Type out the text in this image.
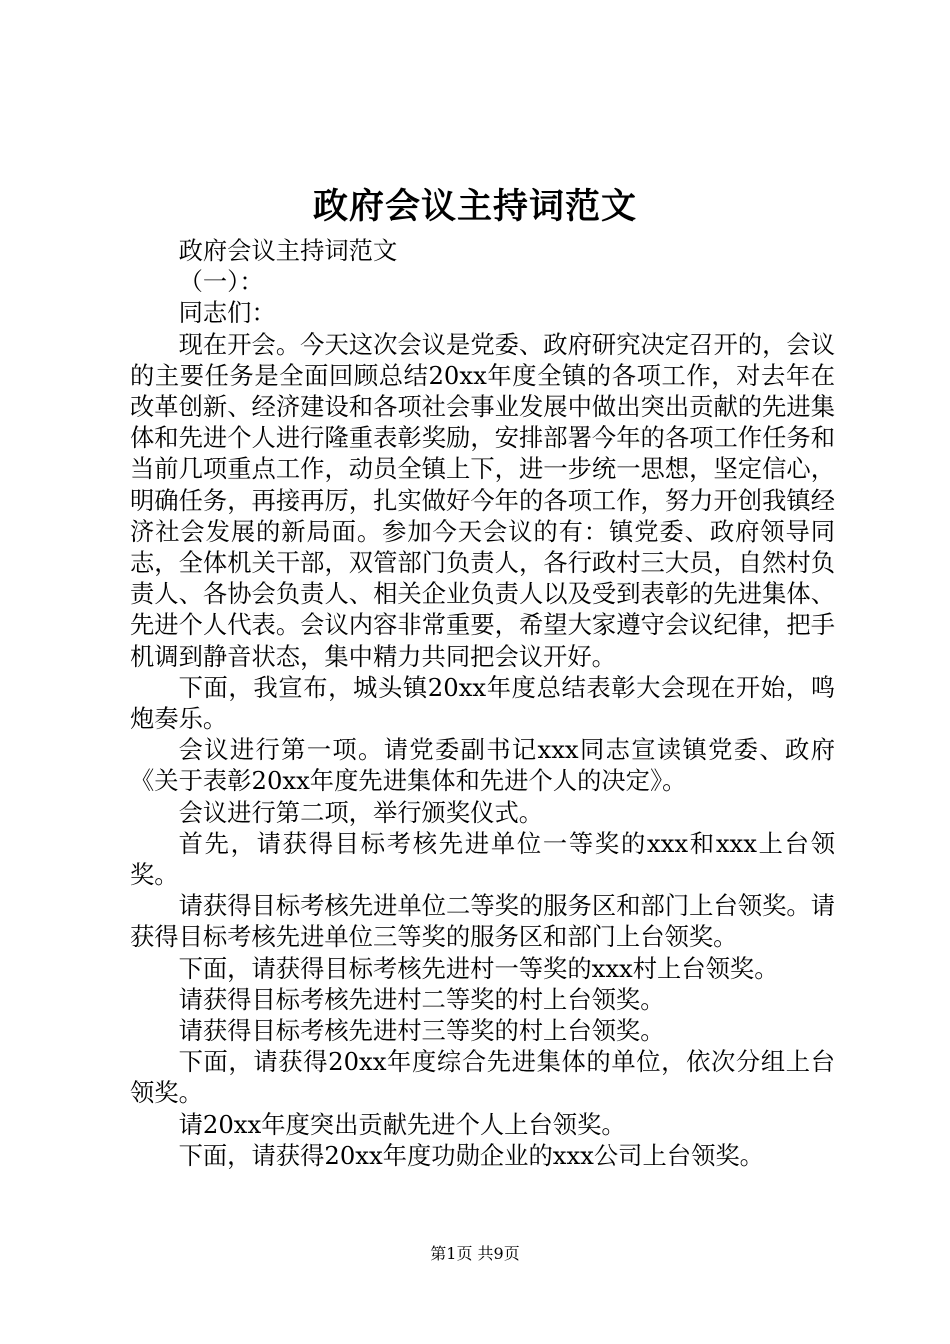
政府会议主持词范文

政府会议主持词范文

（一）：

同志们：

现在开会。今天这次会议是党委、政府研究决定召开的，会议的主要任务是全面回顾总结20xx年度全镇的各项工作，对去年在改革创新、经济建设和各项社会事业发展中做出突出贡献的先进集体和先进个人进行隆重表彰奖励，安排部署今年的各项工作任务和当前几项重点工作，动员全镇上下，进一步统一思想，坚定信心，明确任务，再接再厉，扎实做好今年的各项工作，努力开创我镇经济社会发展的新局面。参加今天会议的有：镇党委、政府领导同志，全体机关干部，双管部门负责人，各行政村三大员，自然村负责人、各协会负责人、相关企业负责人以及受到表彰的先进集体、先进个人代表。会议内容非常重要，希望大家遵守会议纪律，把手机调到静音状态，集中精力共同把会议开好。

下面，我宣布，城头镇20xx年度总结表彰大会现在开始，鸣炮奏乐。

会议进行第一项。请党委副书记xxx同志宣读镇党委、政府《关于表彰20xx年度先进集体和先进个人的决定》。

会议进行第二项，举行颁奖仪式。

首先，请获得目标考核先进单位一等奖的xxx和xxx上台领奖。

请获得目标考核先进单位二等奖的服务区和部门上台领奖。请获得目标考核先进单位三等奖的服务区和部门上台领奖。

下面，请获得目标考核先进村一等奖的xxx村上台领奖。

请获得目标考核先进村二等奖的村上台领奖。

请获得目标考核先进村三等奖的村上台领奖。

下面，请获得20xx年度综合先进集体的单位，依次分组上台领奖。

请20xx年度突出贡献先进个人上台领奖。

下面，请获得20xx年度功勋企业的xxx公司上台领奖。

第1页 共9页
